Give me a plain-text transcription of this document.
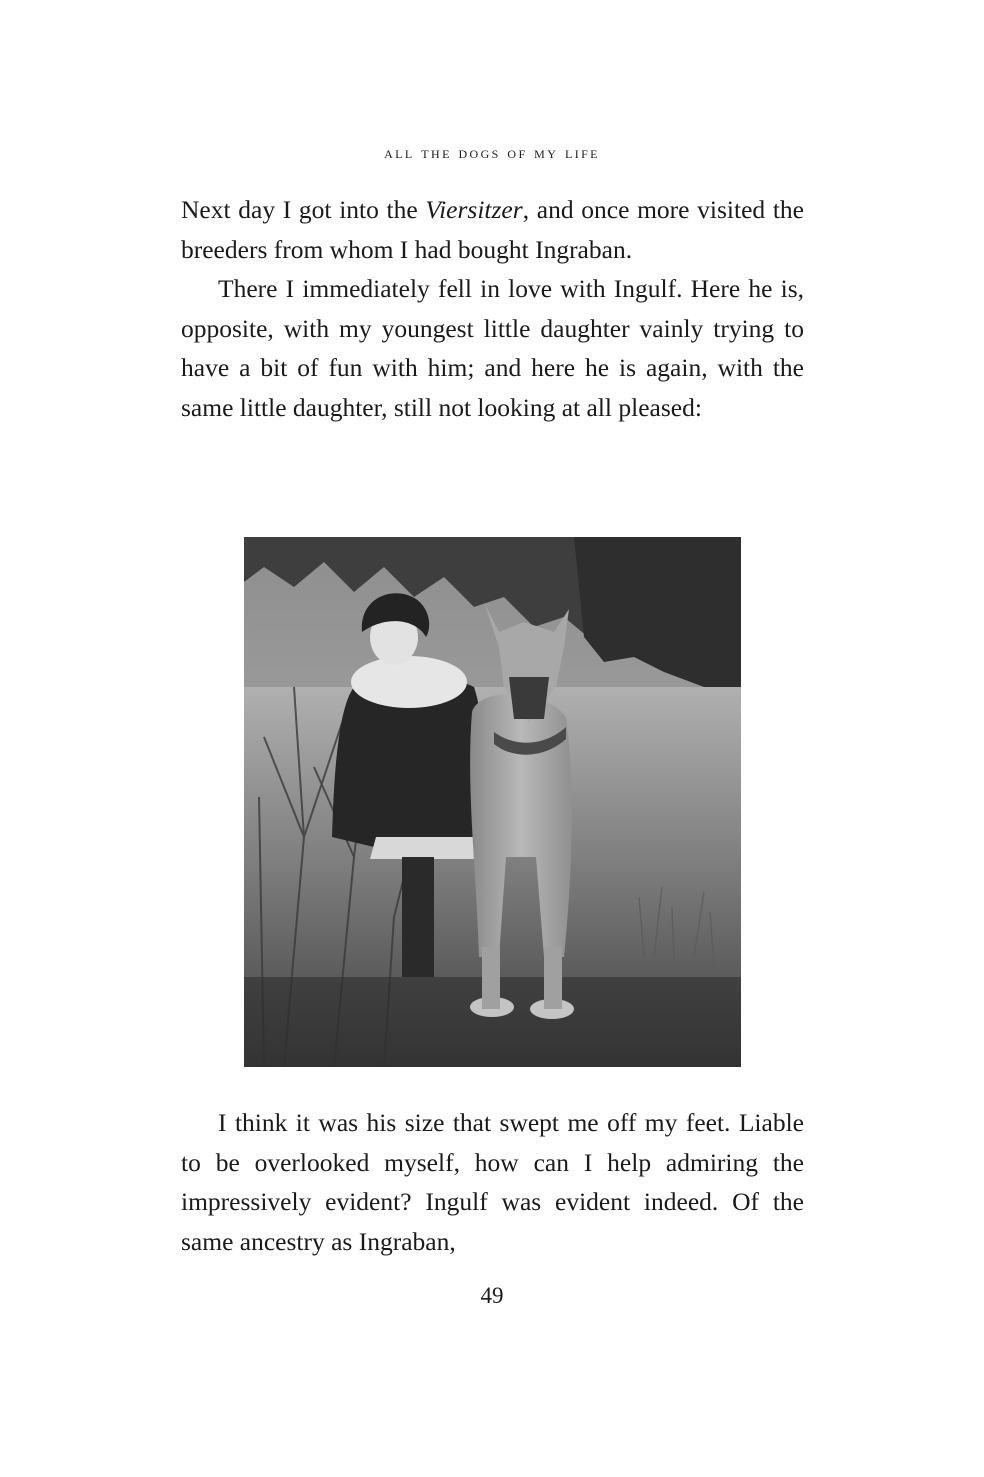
all the dogs of my life

Next day I got into the Viersitzer, and once more visited the breeders from whom I had bought Ingraban.

There I immediately fell in love with Ingulf. Here he is, opposite, with my youngest little daughter vainly trying to have a bit of fun with him; and here he is again, with the same little daughter, still not looking at all pleased:

I think it was his size that swept me off my feet. Liable to be overlooked myself, how can I help admiring the impressively evident? Ingulf was evident indeed. Of the same ancestry as Ingraban,

49
